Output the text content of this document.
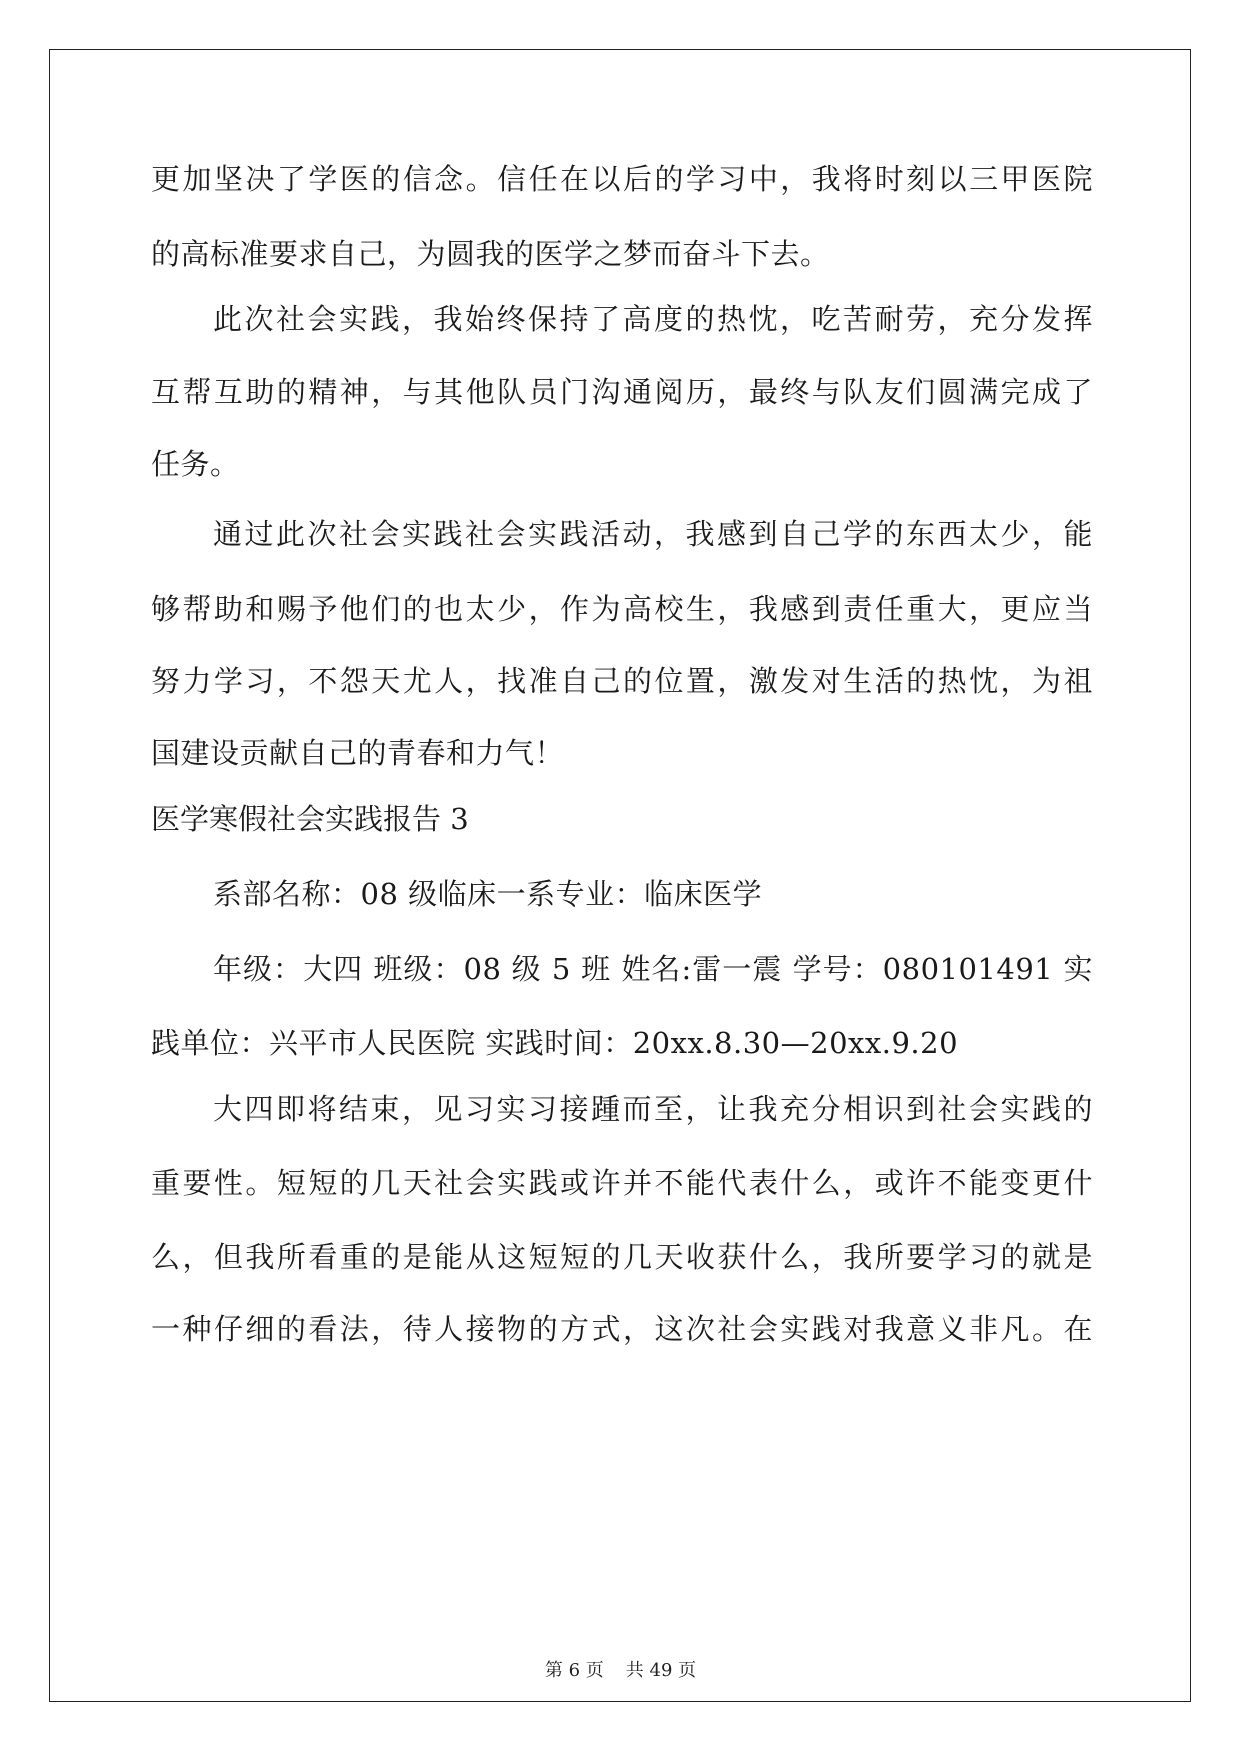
更加坚决了学医的信念。信任在以后的学习中，我将时刻以三甲医院
的高标准要求自己，为圆我的医学之梦而奋斗下去。
此次社会实践，我始终保持了高度的热忱，吃苦耐劳，充分发挥
互帮互助的精神，与其他队员门沟通阅历，最终与队友们圆满完成了
任务。
通过此次社会实践社会实践活动，我感到自己学的东西太少，能
够帮助和赐予他们的也太少，作为高校生，我感到责任重大，更应当
努力学习，不怨天尤人，找准自己的位置，激发对生活的热忱，为祖
国建设贡献自己的青春和力气！
医学寒假社会实践报告 3
系部名称：08 级临床一系专业：临床医学
年级：大四 班级：08 级 5 班 姓名:雷一震 学号：080101491 实
践单位：兴平市人民医院 实践时间：20xx.8.30—20xx.9.20
大四即将结束，见习实习接踵而至，让我充分相识到社会实践的
重要性。短短的几天社会实践或许并不能代表什么，或许不能变更什
么，但我所看重的是能从这短短的几天收获什么，我所要学习的就是
一种仔细的看法，待人接物的方式，这次社会实践对我意义非凡。在
第 6 页 共 49 页
